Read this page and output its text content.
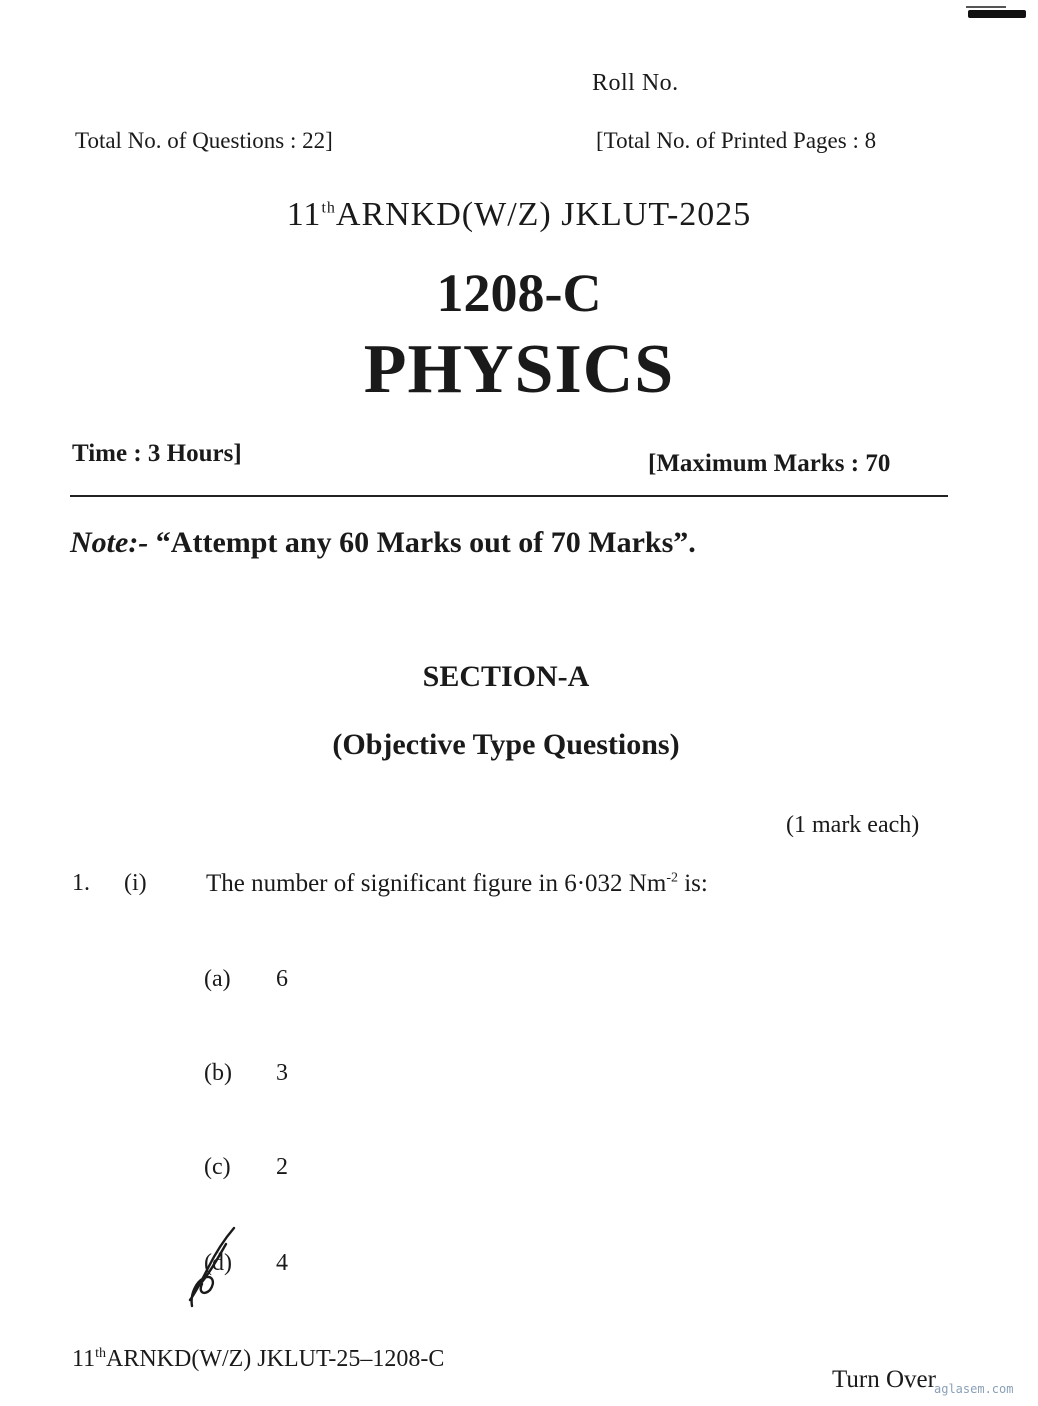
Roll No.
Total No. of Questions : 22]	[Total No. of Printed Pages : 8
11thARNKD(W/Z) JKLUT-2025
1208-C
PHYSICS
Time : 3 Hours]	[Maximum Marks : 70
Note:- “Attempt any 60 Marks out of 70 Marks”.
SECTION-A
(Objective Type Questions)
(1 mark each)
1. (i) The number of significant figure in 6·032 $Nm^{-2}$ is:
(a) 6
(b) 3
(c) 2
(d) 4
11thARNKD(W/Z) JKLUT-25–1208-C
Turn Over
aglasem.com
